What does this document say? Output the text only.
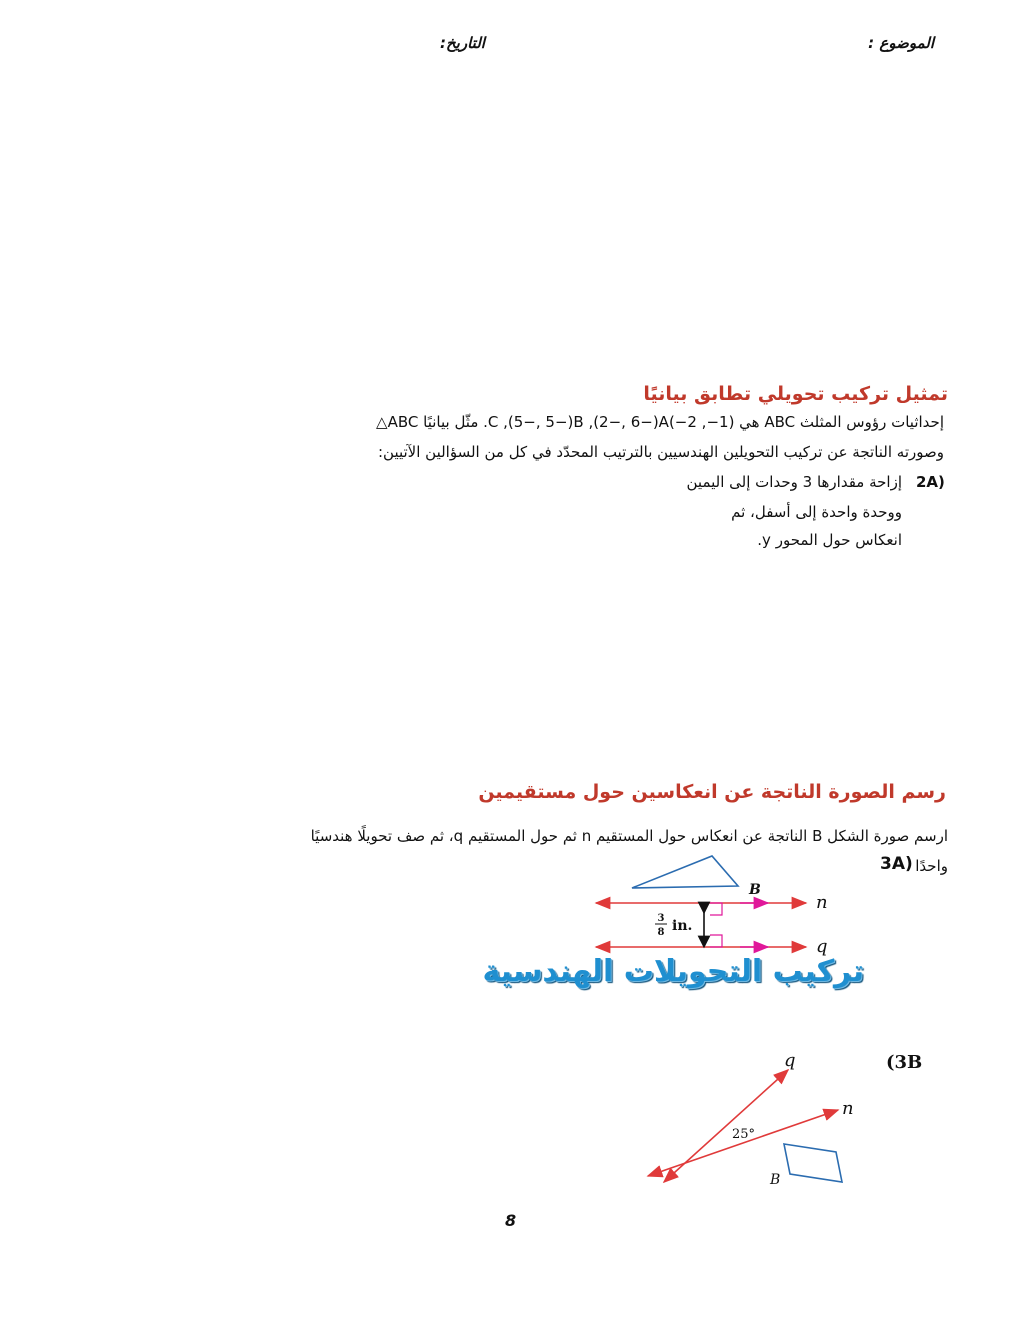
الموضوع :
التاريخ:
تمثيل تركيب تحويلي تطابق بيانيًا
إحداثيات رؤوس المثلث ABC هي (1−, 2−)C ,(5−, 5−)B ,(2−, 6−)A. مثّل بيانيًا ABC△
وصورته الناتجة عن تركيب التحويلين الهندسيين بالترتيب المحدّد في كل من السؤالين الآتيين:
2A)
إزاحة مقدارها 3 وحدات إلى اليمين
ووحدة واحدة إلى أسفل، ثم
انعكاس حول المحور y.
رسم الصورة الناتجة عن انعكاسين حول مستقيمين
ارسم صورة الشكل B الناتجة عن انعكاس حول المستقيم n ثم حول المستقيم q، ثم صف تحويلًا هندسيًا
واحدًا
3A)
B
n
q
3
8 in.
تركيب التحويلات الهندسية
(3B
q
n
25°
B
8
